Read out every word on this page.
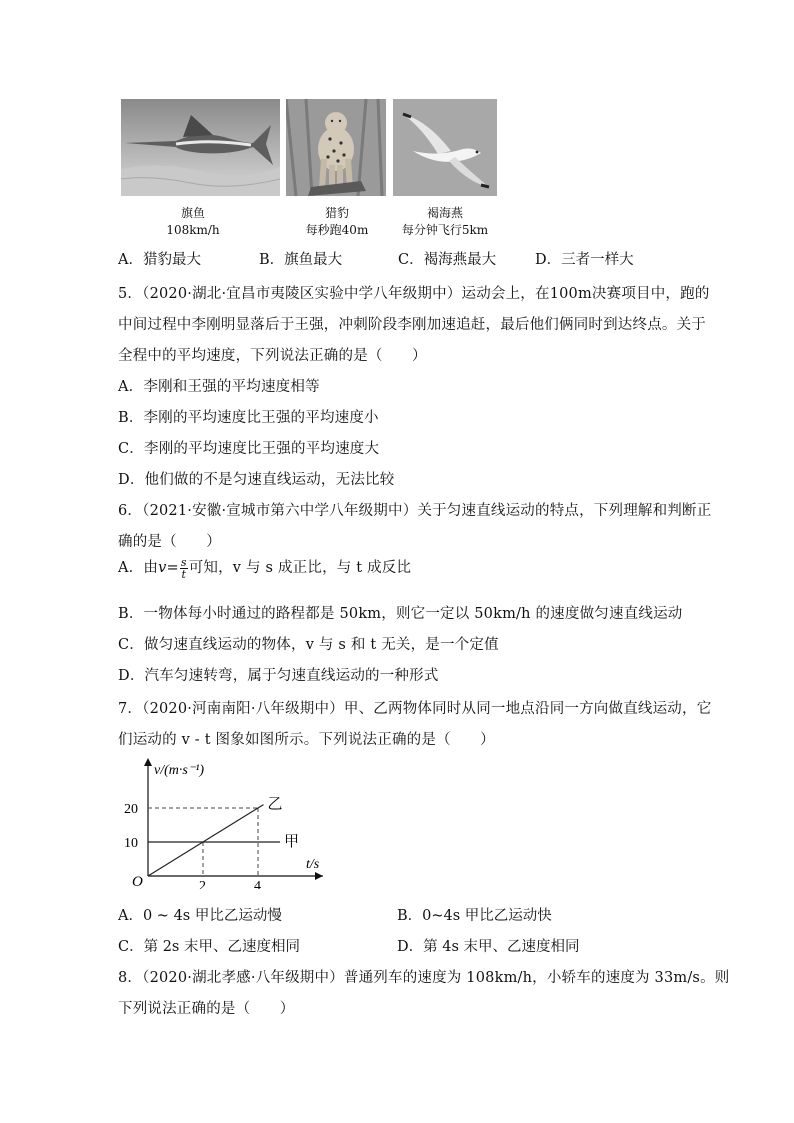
旗鱼
108km/h
猎豹
每秒跑40m
褐海燕
每分钟飞行5km
A．猎豹最大	B．旗鱼最大	C．褐海燕最大	D．三者一样大
5．（2020·湖北·宜昌市夷陵区实验中学八年级期中）运动会上，在100m决赛项目中，跑的
中间过程中李刚明显落后于王强，冲刺阶段李刚加速追赶，最后他们俩同时到达终点。关于
全程中的平均速度，下列说法正确的是（　　）
A．李刚和王强的平均速度相等
B．李刚的平均速度比王强的平均速度小
C．李刚的平均速度比王强的平均速度大
D．他们做的不是匀速直线运动，无法比较
6．（2021·安徽·宣城市第六中学八年级期中）关于匀速直线运动的特点，下列理解和判断正
确的是（　　）
A．由$v= \frac{s}{t}$ 可知，v 与 s 成正比，与 t 成反比
B．一物体每小时通过的路程都是 50km，则它一定以 50km/h 的速度做匀速直线运动
C．做匀速直线运动的物体，v 与 s 和 t 无关，是一个定值
D．汽车匀速转弯，属于匀速直线运动的一种形式
7．（2020·河南南阳·八年级期中）甲、乙两物体同时从同一地点沿同一方向做直线运动，它
们运动的 v - t 图象如图所示。下列说法正确的是（　　）
v/(m·s⁻¹)
t/s
O	2	4
10
20
甲
乙
A．0 ~ 4s 甲比乙运动慢	B．0~4s 甲比乙运动快
C．第 2s 末甲、乙速度相同	D．第 4s 末甲、乙速度相同
8．（2020·湖北孝感·八年级期中）普通列车的速度为 108km/h，小轿车的速度为 33m/s。则
下列说法正确的是（　　）
